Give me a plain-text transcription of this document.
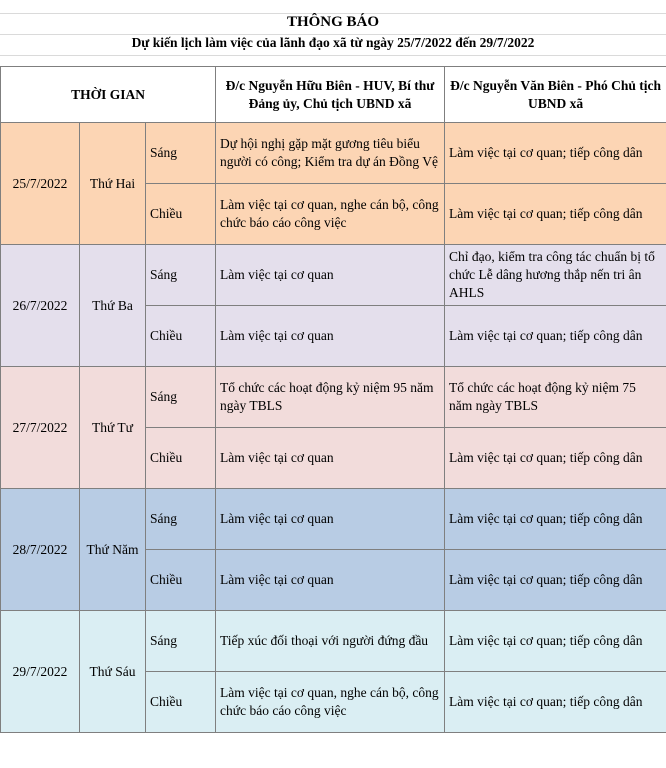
THÔNG BÁO
Dự kiến lịch làm việc của lãnh đạo xã từ ngày 25/7/2022 đến 29/7/2022
THỜI GIAN			Đ/c Nguyễn Hữu Biên - HUV, Bí thư Đảng ủy, Chủ tịch UBND xã	Đ/c Nguyễn Văn Biên - Phó Chủ tịch UBND xã
25/7/2022	Thứ Hai	Sáng	Dự hội nghị gặp mặt gương tiêu biểu người có công; Kiểm tra dự án Đồng Vệ	Làm việc tại cơ quan; tiếp công dân
		Chiều	Làm việc tại cơ quan, nghe cán bộ, công chức báo cáo công việc	Làm việc tại cơ quan; tiếp công dân
26/7/2022	Thứ Ba	Sáng	Làm việc tại cơ quan	Chỉ đạo, kiểm tra công tác chuẩn bị tổ chức Lễ dâng hương thắp nến tri ân AHLS
		Chiều	Làm việc tại cơ quan	Làm việc tại cơ quan; tiếp công dân
27/7/2022	Thứ Tư	Sáng	Tổ chức các hoạt động kỷ niệm 95 năm ngày TBLS	Tổ chức các hoạt động kỷ niệm 75 năm ngày TBLS
		Chiều	Làm việc tại cơ quan	Làm việc tại cơ quan; tiếp công dân
28/7/2022	Thứ Năm	Sáng	Làm việc tại cơ quan	Làm việc tại cơ quan; tiếp công dân
		Chiều	Làm việc tại cơ quan	Làm việc tại cơ quan; tiếp công dân
29/7/2022	Thứ Sáu	Sáng	Tiếp xúc đối thoại với người đứng đầu	Làm việc tại cơ quan; tiếp công dân
		Chiều	Làm việc tại cơ quan, nghe cán bộ, công chức báo cáo công việc	Làm việc tại cơ quan; tiếp công dân
